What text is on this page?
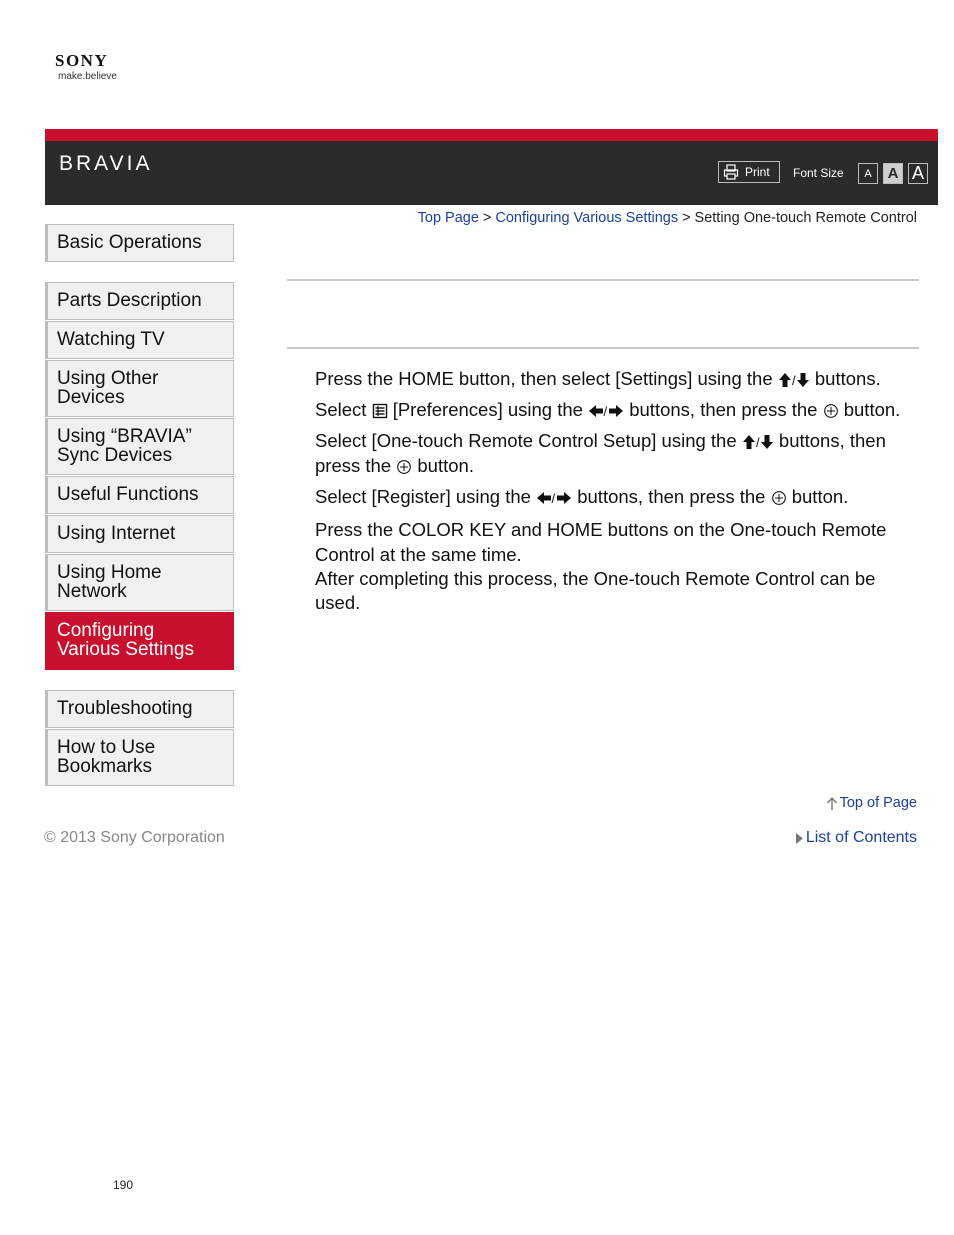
SONY
make.believe
BRAVIA	Print Font Size	A	A A
Top Page > Configuring Various Settings > Setting One-touch Remote Control
Basic Operations
Parts Description
Watching TV
Using Other
Devices
Using “BRAVIA”
Sync Devices
Useful Functions
Using Internet
Using Home
Network
Configuring
Various Settings
Troubleshooting
How to Use
Bookmarks

Press the HOME button, then select [Settings] using the / buttons.

Select  [Preferences] using the / buttons, then press the  button.

Select [One-touch Remote Control Setup] using the / buttons, then press the  button.

Select [Register] using the / buttons, then press the  button.

Press the COLOR KEY and HOME buttons on the One-touch Remote Control at the same time.

After completing this process, the One-touch Remote Control can be used.

Top of Page
© 2013 Sony Corporation	List of Contents
190
